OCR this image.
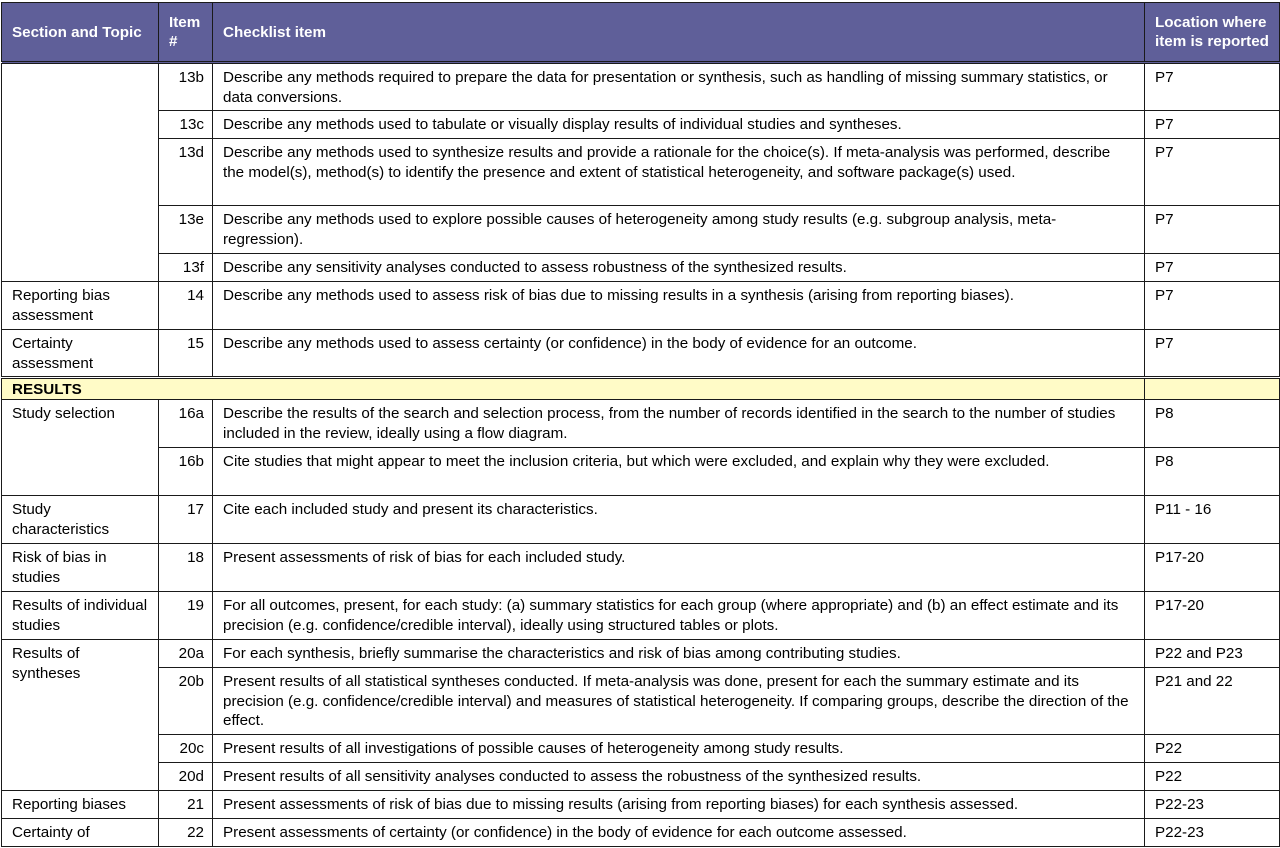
Section and Topic	Item #	Checklist item	Location where item is reported

	13b	Describe any methods required to prepare the data for presentation or synthesis, such as handling of missing summary statistics, or data conversions.	P7

	13c	Describe any methods used to tabulate or visually display results of individual studies and syntheses.	P7

	13d	Describe any methods used to synthesize results and provide a rationale for the choice(s). If meta-analysis was performed, describe the model(s), method(s) to identify the presence and extent of statistical heterogeneity, and software package(s) used.	P7

	13e	Describe any methods used to explore possible causes of heterogeneity among study results (e.g. subgroup analysis, meta-regression).	P7

	13f	Describe any sensitivity analyses conducted to assess robustness of the synthesized results.	P7

Reporting bias assessment	14	Describe any methods used to assess risk of bias due to missing results in a synthesis (arising from reporting biases).	P7

Certainty assessment	15	Describe any methods used to assess certainty (or confidence) in the body of evidence for an outcome.	P7

RESULTS			

Study selection	16a	Describe the results of the search and selection process, from the number of records identified in the search to the number of studies included in the review, ideally using a flow diagram.	P8

	16b	Cite studies that might appear to meet the inclusion criteria, but which were excluded, and explain why they were excluded.	P8

Study characteristics	17	Cite each included study and present its characteristics.	P11 - 16

Risk of bias in studies	18	Present assessments of risk of bias for each included study.	P17-20

Results of individual studies	19	For all outcomes, present, for each study: (a) summary statistics for each group (where appropriate) and (b) an effect estimate and its precision (e.g. confidence/credible interval), ideally using structured tables or plots.	P17-20

Results of syntheses	20a	For each synthesis, briefly summarise the characteristics and risk of bias among contributing studies.	P22 and P23

	20b	Present results of all statistical syntheses conducted. If meta-analysis was done, present for each the summary estimate and its precision (e.g. confidence/credible interval) and measures of statistical heterogeneity. If comparing groups, describe the direction of the effect.	P21 and 22

	20c	Present results of all investigations of possible causes of heterogeneity among study results.	P22

	20d	Present results of all sensitivity analyses conducted to assess the robustness of the synthesized results.	P22

Reporting biases	21	Present assessments of risk of bias due to missing results (arising from reporting biases) for each synthesis assessed.	P22-23

Certainty of	22	Present assessments of certainty (or confidence) in the body of evidence for each outcome assessed.	P22-23
